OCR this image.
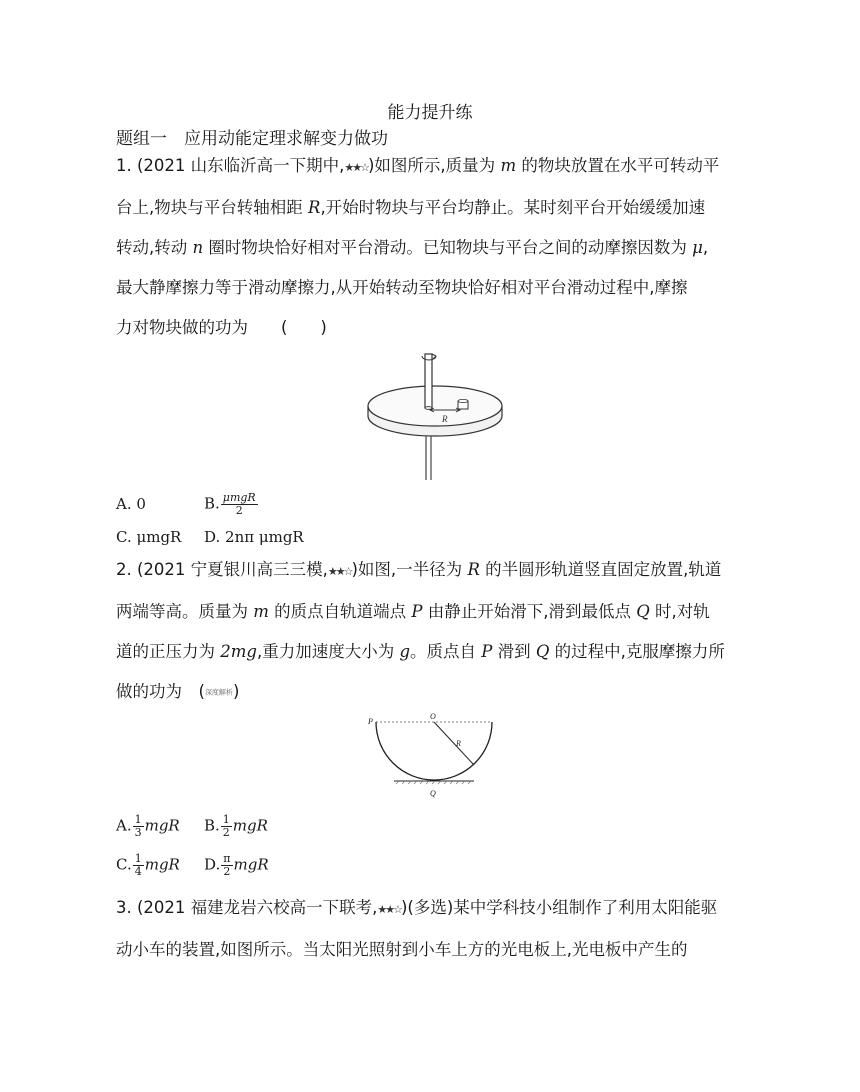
能力提升练
题组一　应用动能定理求解变力做功
1. (2021 山东临沂高一下期中,★★☆)如图所示,质量为 m 的物块放置在水平可转动平
台上,物块与平台转轴相距 R,开始时物块与平台均静止。某时刻平台开始缓缓加速
转动,转动 n 圈时物块恰好相对平台滑动。已知物块与平台之间的动摩擦因数为 μ,
最大静摩擦力等于滑动摩擦力,从开始转动至物块恰好相对平台滑动过程中,摩擦
力对物块做的功为　　(　　)
R
A. 0	B. $\frac{\text{μmgR}}{2}$
C. μmgR D. 2nπ μmgR
2. (2021 宁夏银川高三三模,★★☆)如图,一半径为 R 的半圆形轨道竖直固定放置,轨道
两端等高。质量为 m 的质点自轨道端点 P 由静止开始滑下,滑到最低点 Q 时,对轨
道的正压力为 2mg,重力加速度大小为 g。质点自 P 滑到 Q 的过程中,克服摩擦力所
做的功为　(深度解析)
P
O
R
Q
A. $\frac{1}{3}$ mgR B. $\frac{1}{2}$ mgR
C. $\frac{1}{4}$ mgR D. $\frac{\pi}{2}$ mgR
3. (2021 福建龙岩六校高一下联考,★★☆)(多选)某中学科技小组制作了利用太阳能驱
动小车的装置,如图所示。当太阳光照射到小车上方的光电板上,光电板中产生的
